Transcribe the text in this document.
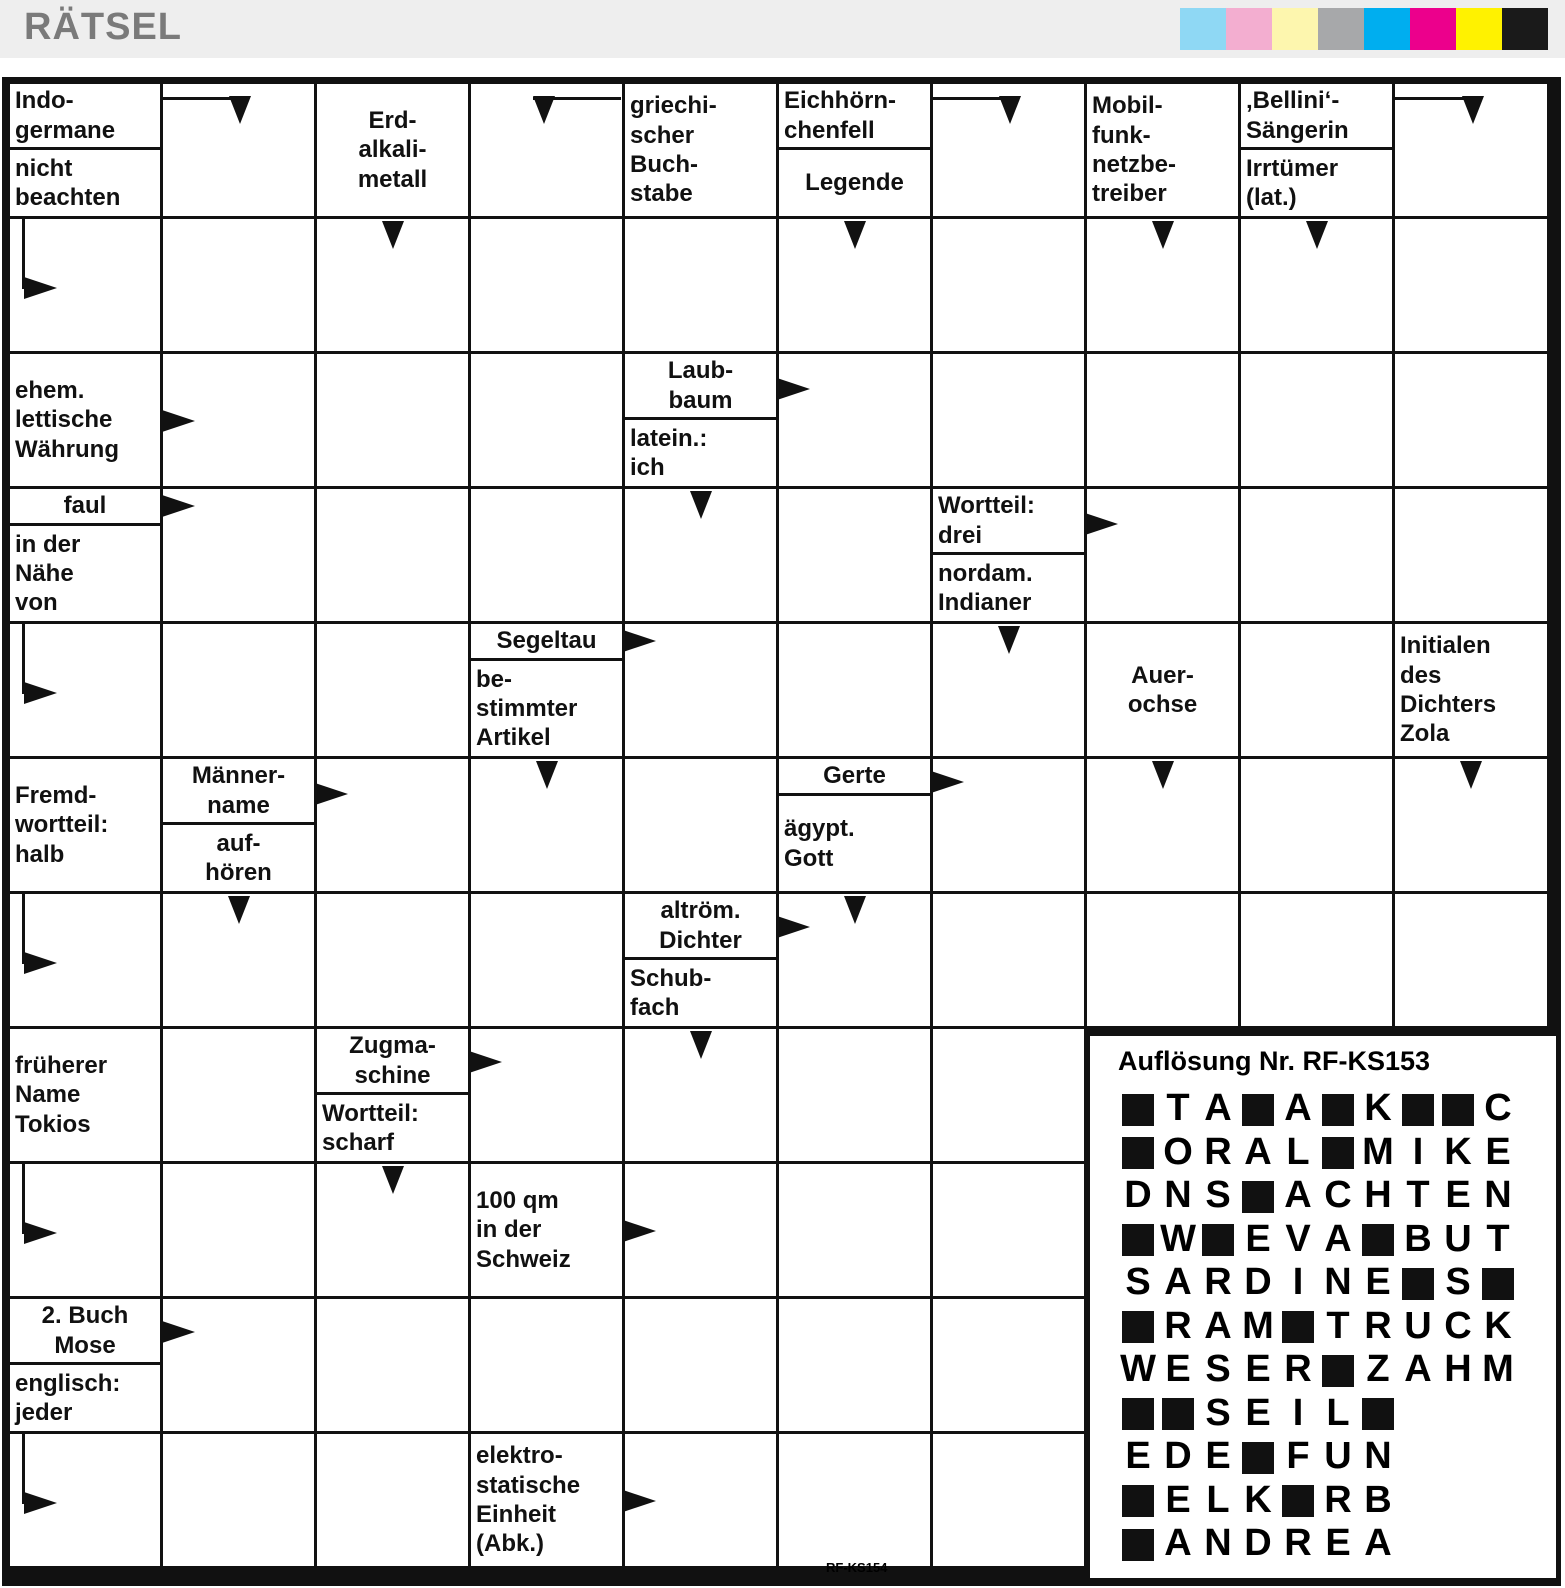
RÄTSEL
Indo-
germane
nicht
beachten
Erd-
alkali-
metall
griechi-
scher
Buch-
stabe
Eichhörn-
chenfell
Legende
Mobil-
funk-
netzbe-
treiber
‚Bellini‘-
Sängerin
Irrtümer
(lat.)
ehem.
lettische
Währung
Laub-
baum
latein.:
ich
faul
in der
Nähe
von
Wortteil:
drei
nordam.
Indianer
Segeltau
be-
stimmter
Artikel
Auer-
ochse
Initialen
des
Dichters
Zola
Fremd-
wortteil:
halb
Männer-
name
auf-
hören
Gerte
ägypt.
Gott
altröm.
Dichter
Schub-
fach
früherer
Name
Tokios
Zugma-
schine
Wortteil:
scharf
100 qm
in der
Schweiz
2. Buch
Mose
englisch:
jeder
elektro-
statische
Einheit
(Abk.)
Auflösung Nr. RF-KS153
T A A K C
O R A L M I K E
D N S A C H T E N
W E V A B U T
S A R D I N E S
R A M T R U C K
W E S E R Z A H M
S E I L
E D E F U N
E L K R B
A N D R E A
RF-KS154
